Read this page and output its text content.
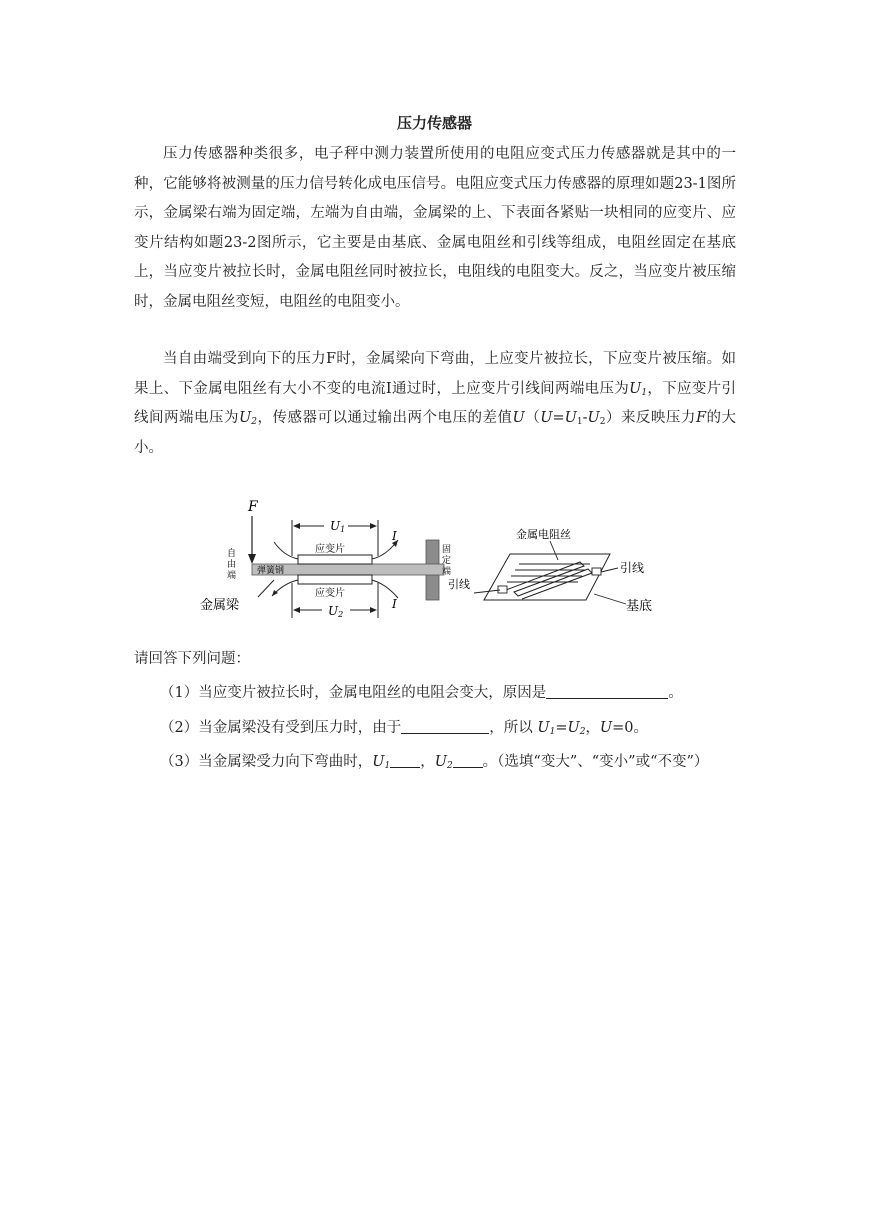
压力传感器
压力传感器种类很多，电子秤中测力装置所使用的电阻应变式压力传感器就是其中的一种，它能够将被测量的压力信号转化成电压信号。电阻应变式压力传感器的原理如题23-1图所示，金属梁右端为固定端，左端为自由端，金属梁的上、下表面各紧贴一块相同的应变片、应变片结构如题23-2图所示，它主要是由基底、金属电阻丝和引线等组成，电阻丝固定在基底上，当应变片被拉长时，金属电阻丝同时被拉长，电阻线的电阻变大。反之，当应变片被压缩时，金属电阻丝变短，电阻丝的电阻变小。
当自由端受到向下的压力F时，金属梁向下弯曲，上应变片被拉长，下应变片被压缩。如果上、下金属电阻丝有大小不变的电流I通过时，上应变片引线间两端电压为$U_1$，下应变片引线间两端电压为$U_2$，传感器可以通过输出两个电压的差值$U(U=U_1-U_2)$来反映压力F的大小。
F
U1
U2
I
I
应变片
应变片
弹簧钢
自由端
固定端
金属梁
金属电阻丝
引线
引线
基底
请回答下列问题：
（1）当应变片被拉长时，金属电阻丝的电阻会变大，原因是	。
（2）当金属梁没有受到压力时，由于	，所以 $U_1=U_2$，U=0。
（3）当金属梁受力向下弯曲时，$U_1$ ，$U_2$ 。（选填“变大”、“变小”或“不变”）
